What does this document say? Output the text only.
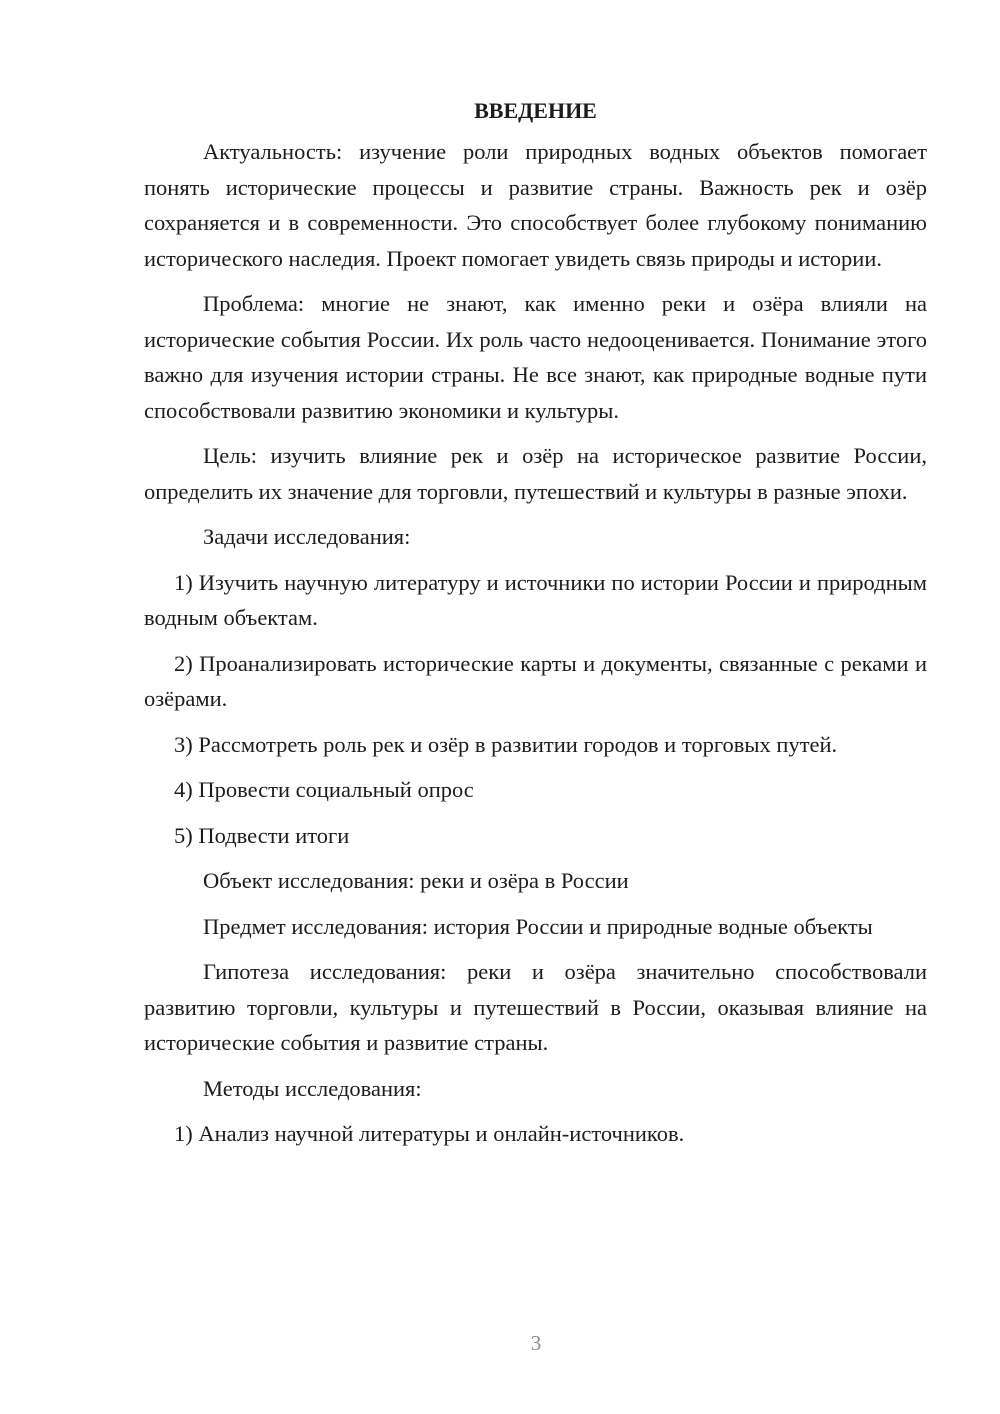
ВВЕДЕНИЕ

Актуальность: изучение роли природных водных объектов помогает понять исторические процессы и развитие страны. Важность рек и озёр сохраняется и в современности. Это способствует более глубокому пониманию исторического наследия. Проект помогает увидеть связь природы и истории.

Проблема: многие не знают, как именно реки и озёра влияли на исторические события России. Их роль часто недооценивается. Понимание этого важно для изучения истории страны. Не все знают, как природные водные пути способствовали развитию экономики и культуры.

Цель: изучить влияние рек и озёр на историческое развитие России, определить их значение для торговли, путешествий и культуры в разные эпохи.

Задачи исследования:

1) Изучить научную литературу и источники по истории России и природным водным объектам.

2) Проанализировать исторические карты и документы, связанные с реками и озёрами.

3) Рассмотреть роль рек и озёр в развитии городов и торговых путей.

4) Провести социальный опрос

5) Подвести итоги

Объект исследования: реки и озёра в России

Предмет исследования: история России и природные водные объекты

Гипотеза исследования: реки и озёра значительно способствовали развитию торговли, культуры и путешествий в России, оказывая влияние на исторические события и развитие страны.

Методы исследования:

1) Анализ научной литературы и онлайн-источников.

3
